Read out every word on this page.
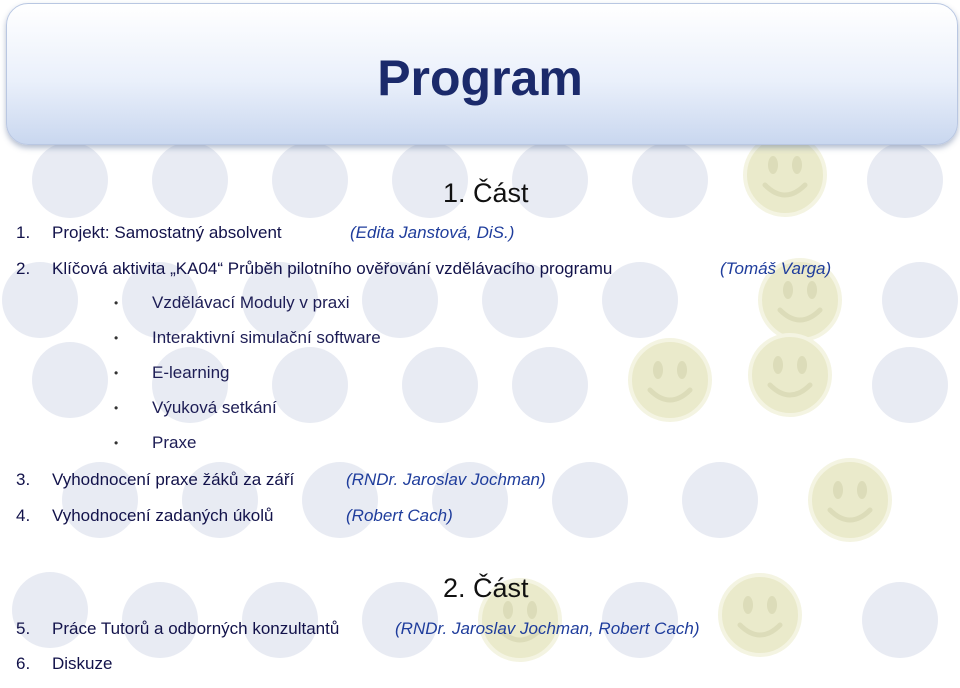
Program
1. Část
1. Projekt: Samostatný absolvent	(Edita Janstová, DiS.)
2. Klíčová aktivita „KA04“ Průběh pilotního ověřování vzdělávacího programu	(Tomáš Varga)
• Vzdělávací Moduly v praxi
• Interaktivní simulační software
• E-learning
• Výuková setkání
• Praxe
3. Vyhodnocení praxe žáků za září	(RNDr. Jaroslav Jochman)
4. Vyhodnocení zadaných úkolů	(Robert Cach)
2. Část
5. Práce Tutorů a odborných konzultantů	(RNDr. Jaroslav Jochman, Robert Cach)
6. Diskuze
